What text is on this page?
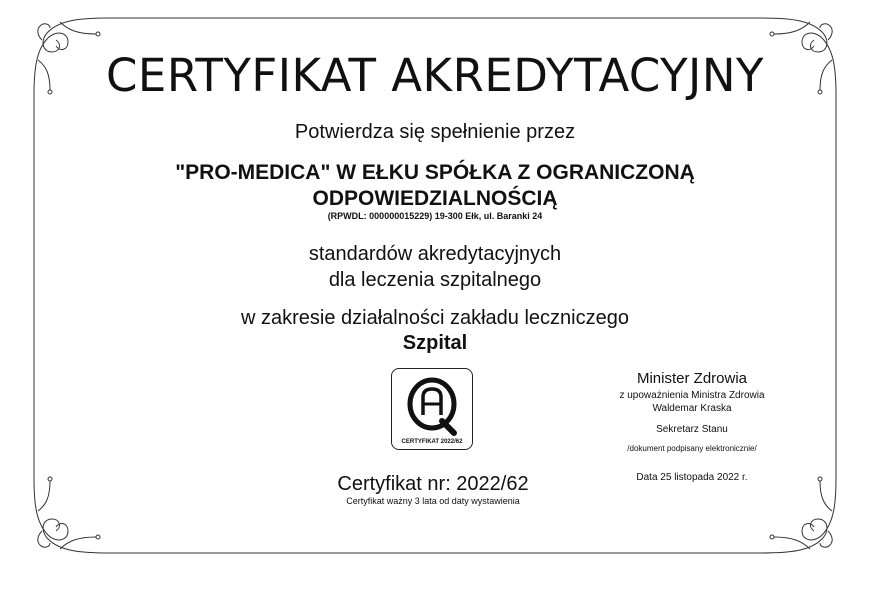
CERTYFIKAT AKREDYTACYJNY
Potwierdza się spełnienie przez
"PRO-MEDICA" W EŁKU SPÓŁKA Z OGRANICZONĄ
ODPOWIEDZIALNOŚCIĄ
(RPWDL: 000000015229) 19-300 Ełk, ul. Baranki 24
standardów akredytacyjnych
dla leczenia szpitalnego
w zakresie działalności zakładu leczniczego
Szpital
CERTYFIKAT 2022/62
Certyfikat nr: 2022/62
Certyfikat ważny 3 lata od daty wystawienia
Minister Zdrowia
z upoważnienia Ministra Zdrowia
Waldemar Kraska
Sekretarz Stanu
/dokument podpisany elektronicznie/
Data 25 listopada 2022 r.
